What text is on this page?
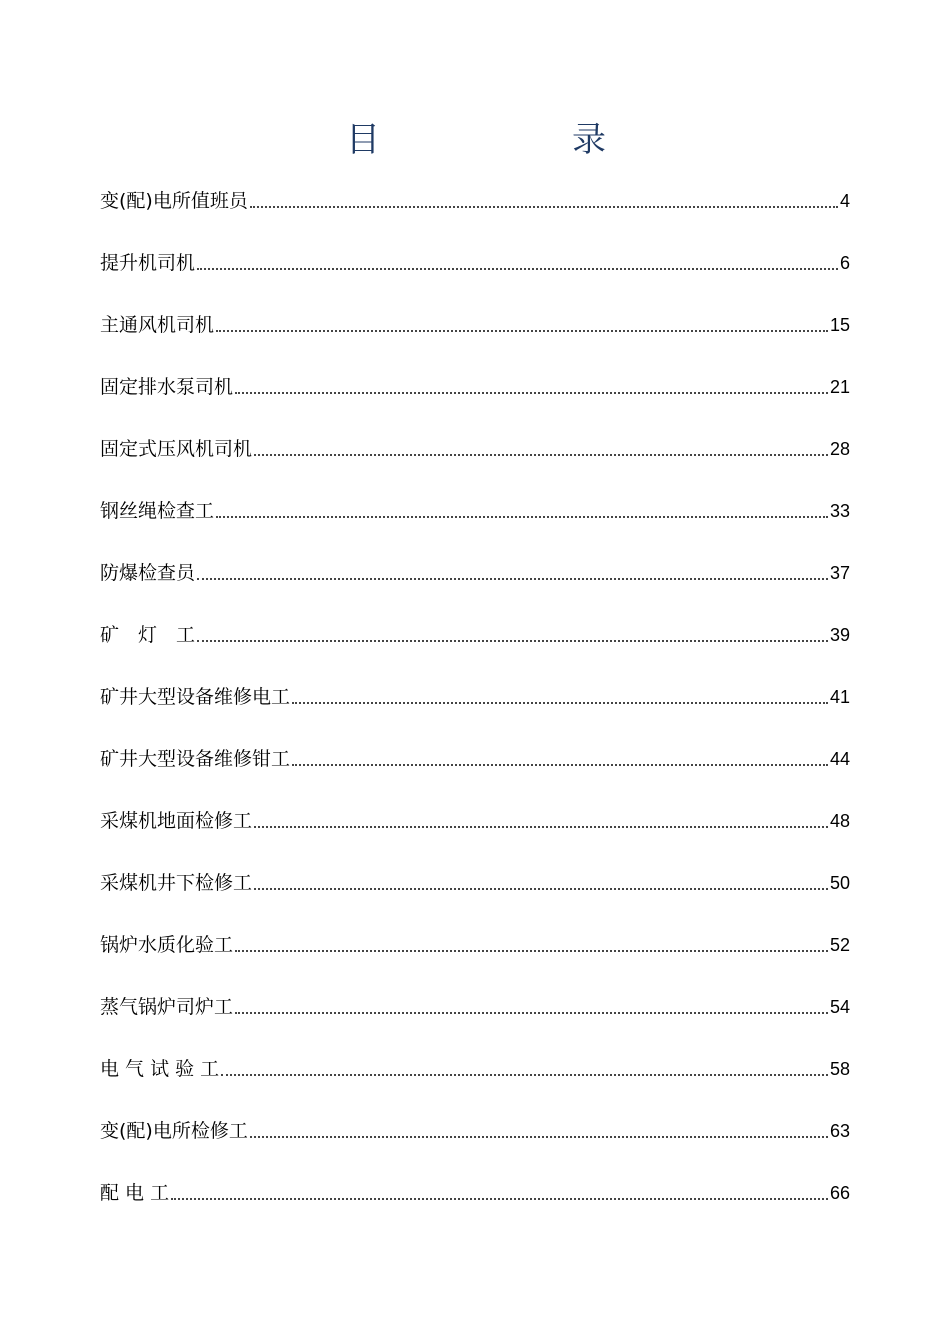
目	录
变(配)电所值班员	4
提升机司机	6
主通风机司机	15
固定排水泵司机	21
固定式压风机司机	28
钢丝绳检查工	33
防爆检查员	37
矿　灯　工	39
矿井大型设备维修电工	41
矿井大型设备维修钳工	44
采煤机地面检修工	48
采煤机井下检修工	50
锅炉水质化验工	52
蒸气锅炉司炉工	54
电 气 试 验 工	58
变(配)电所检修工	63
配 电 工	66
